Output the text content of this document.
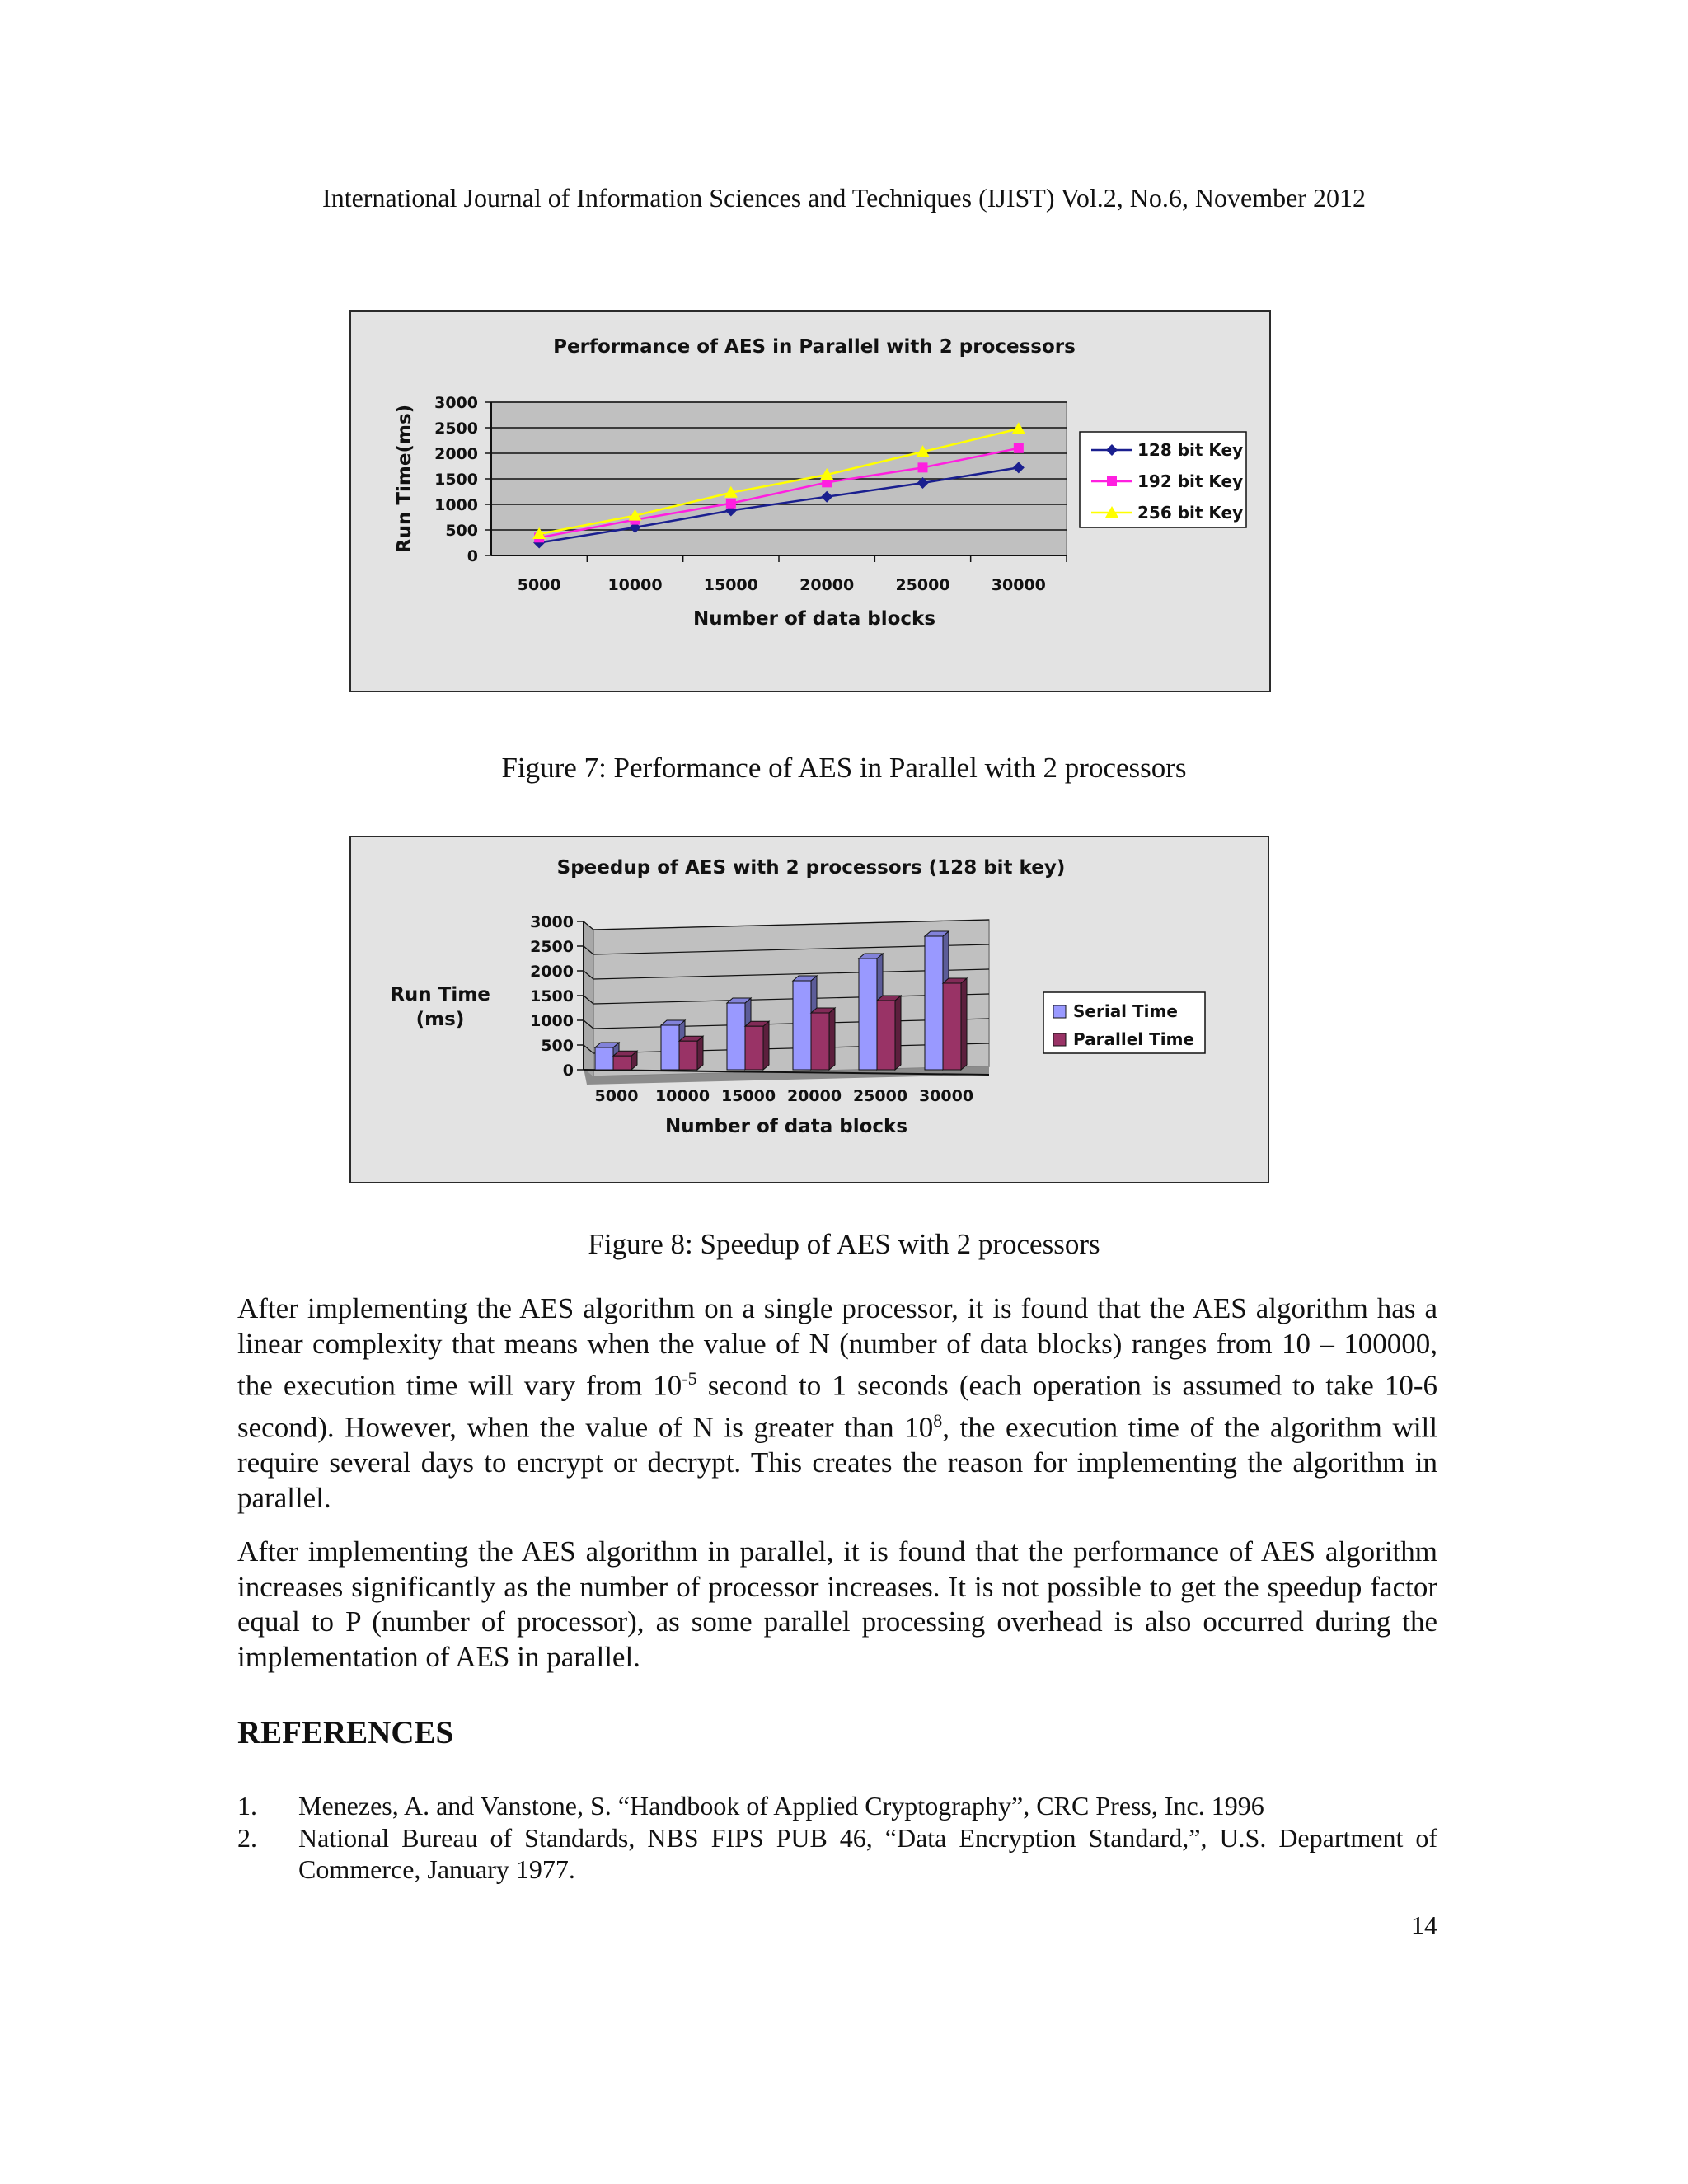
International Journal of Information Sciences and Techniques (IJIST) Vol.2, No.6, November 2012
0
500
1000
1500
2000
2500
3000
5000	10000	15000	20000	25000	30000
Performance of AES in Parallel with 2 processors
Number of data blocks
Run Time(ms)	128 bit Key
192 bit Key
256 bit Key
Figure 7: Performance of AES in Parallel with 2 processors
0
500
1000
1500
2000
2500
3000
5000 10000 15000 20000 25000 30000
Speedup of AES with 2 processors (128 bit key)
Number of data blocks
Run Time
(ms)	Serial Time
Parallel Time
Figure 8: Speedup of AES with 2 processors

After implementing the AES algorithm on a single processor, it is found that the AES algorithm has a linear complexity that means when the value of N (number of data blocks) ranges from 10 – 100000, the execution time will vary from $10^{-5}$ second to 1 seconds (each operation is assumed to take 10-6 second). However, when the value of N is greater than $10^8$, the execution time of the algorithm will require several days to encrypt or decrypt. This creates the reason for implementing the algorithm in parallel.

After implementing the AES algorithm in parallel, it is found that the performance of AES algorithm increases significantly as the number of processor increases. It is not possible to get the speedup factor equal to P (number of processor), as some parallel processing overhead is also occurred during the implementation of AES in parallel.

REFERENCES
1. Menezes, A. and Vanstone, S. “Handbook of Applied Cryptography”, CRC Press, Inc. 1996
2. National Bureau of Standards, NBS FIPS PUB 46, “Data Encryption Standard,”, U.S. Department of Commerce, January 1977.
14
